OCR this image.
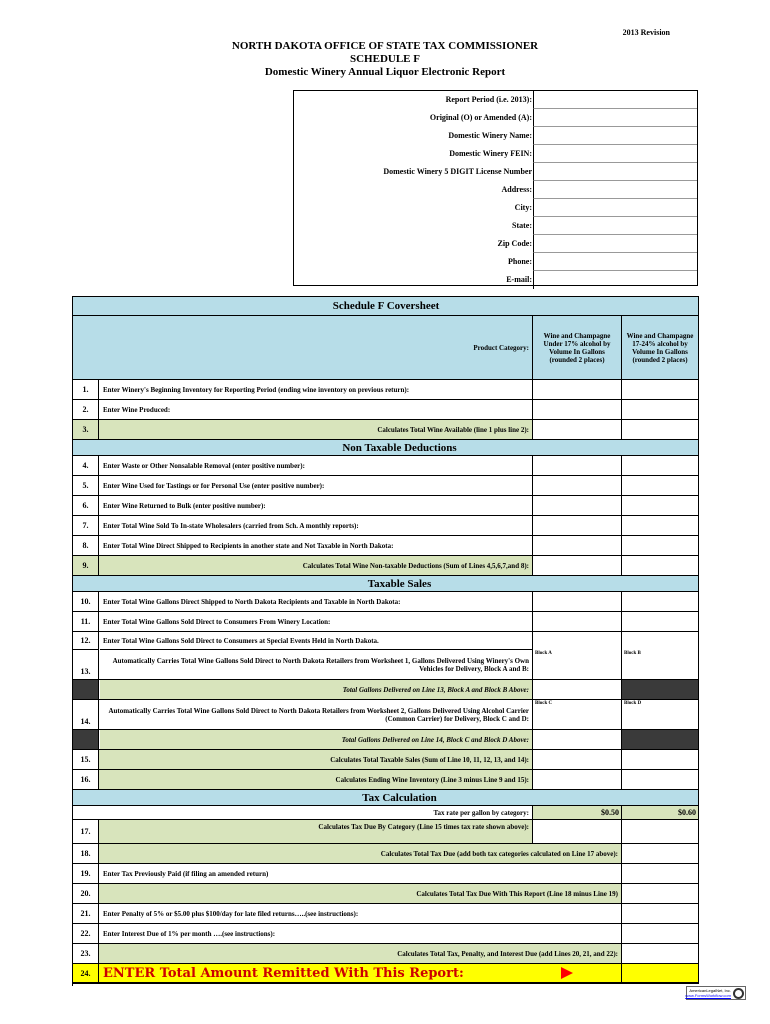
2013 Revision
NORTH DAKOTA OFFICE OF STATE TAX COMMISSIONER
SCHEDULE F
Domestic Winery Annual Liquor Electronic Report
Report Period (i.e. 2013):
Original (O) or Amended (A):
Domestic Winery Name:
Domestic Winery FEIN:
Domestic Winery 5 DIGIT License Number
Address:
City:
State:
Zip Code:
Phone:
E-mail:
Schedule F Coversheet
Product Category:
Wine and Champagne Under 17% alcohol by Volume In Gallons (rounded 2 places)
Wine and Champagne 17-24% alcohol by Volume In Gallons (rounded 2 places)
1.	Enter Winery's Beginning Inventory for Reporting Period (ending wine inventory on previous return):
2.	Enter Wine Produced:
3.	Calculates Total Wine Available (line 1 plus line 2):
Non Taxable Deductions
4.	Enter Waste or Other Nonsalable Removal (enter positive number):
5.	Enter Wine Used for Tastings or for Personal Use (enter positive number):
6.	Enter Wine Returned to Bulk (enter positive number):
7.	Enter Total Wine Sold To In-state Wholesalers (carried from Sch. A monthly reports):
8.	Enter Total Wine Direct Shipped to Recipients in another state and Not Taxable in North Dakota:
9.	Calculates Total Wine Non-taxable Deductions (Sum of Lines 4,5,6,7,and 8):
Taxable Sales
10.	Enter Total Wine Gallons Direct Shipped to North Dakota Recipients and Taxable in North Dakota:
11.	Enter Total Wine Gallons Sold Direct to Consumers From Winery Location:
12.	Enter Total Wine Gallons Sold Direct to Consumers at Special Events Held in North Dakota.
13.
Automatically Carries Total Wine Gallons Sold Direct to North Dakota Retailers from Worksheet 1, Gallons Delivered Using Winery's Own Vehicles for Delivery, Block A and B:
Block A	Block B
Total Gallons Delivered on Line 13, Block A and Block B Above:
14.
Automatically Carries Total Wine Gallons Sold Direct to North Dakota Retailers from Worksheet 2, Gallons Delivered Using Alcohol Carrier (Common Carrier) for Delivery, Block C and D:
Block C	Block D
Total Gallons Delivered on Line 14, Block C and Block D Above:
15.	Calculates Total Taxable Sales (Sum of Line 10, 11, 12, 13, and 14):
16.	Calculates Ending Wine Inventory (Line 3 minus Line 9 and 15):
Tax Calculation
Tax rate per gallon by category:	$0.50	$0.60
17.	Calculates Tax Due By Category (Line 15 times tax rate shown above):
18.	Calculates Total Tax Due (add both tax categories calculated on Line 17 above):
19.	Enter Tax Previously Paid (if filing an amended return)
20.	Calculates Total Tax Due With This Report (Line 18 minus Line 19)
21.	Enter Penalty of 5% or $5.00 plus $100/day for late filed returns…..(see instructions):
22.	Enter Interest Due of 1% per month ….(see instructions):
23.	Calculates Total Tax, Penalty, and Interest Due (add Lines 20, 21, and 22):
24. ENTER Total Amount Remitted With This Report:
AmericanLegalNet, Inc.
www.FormsWorkflow.com
